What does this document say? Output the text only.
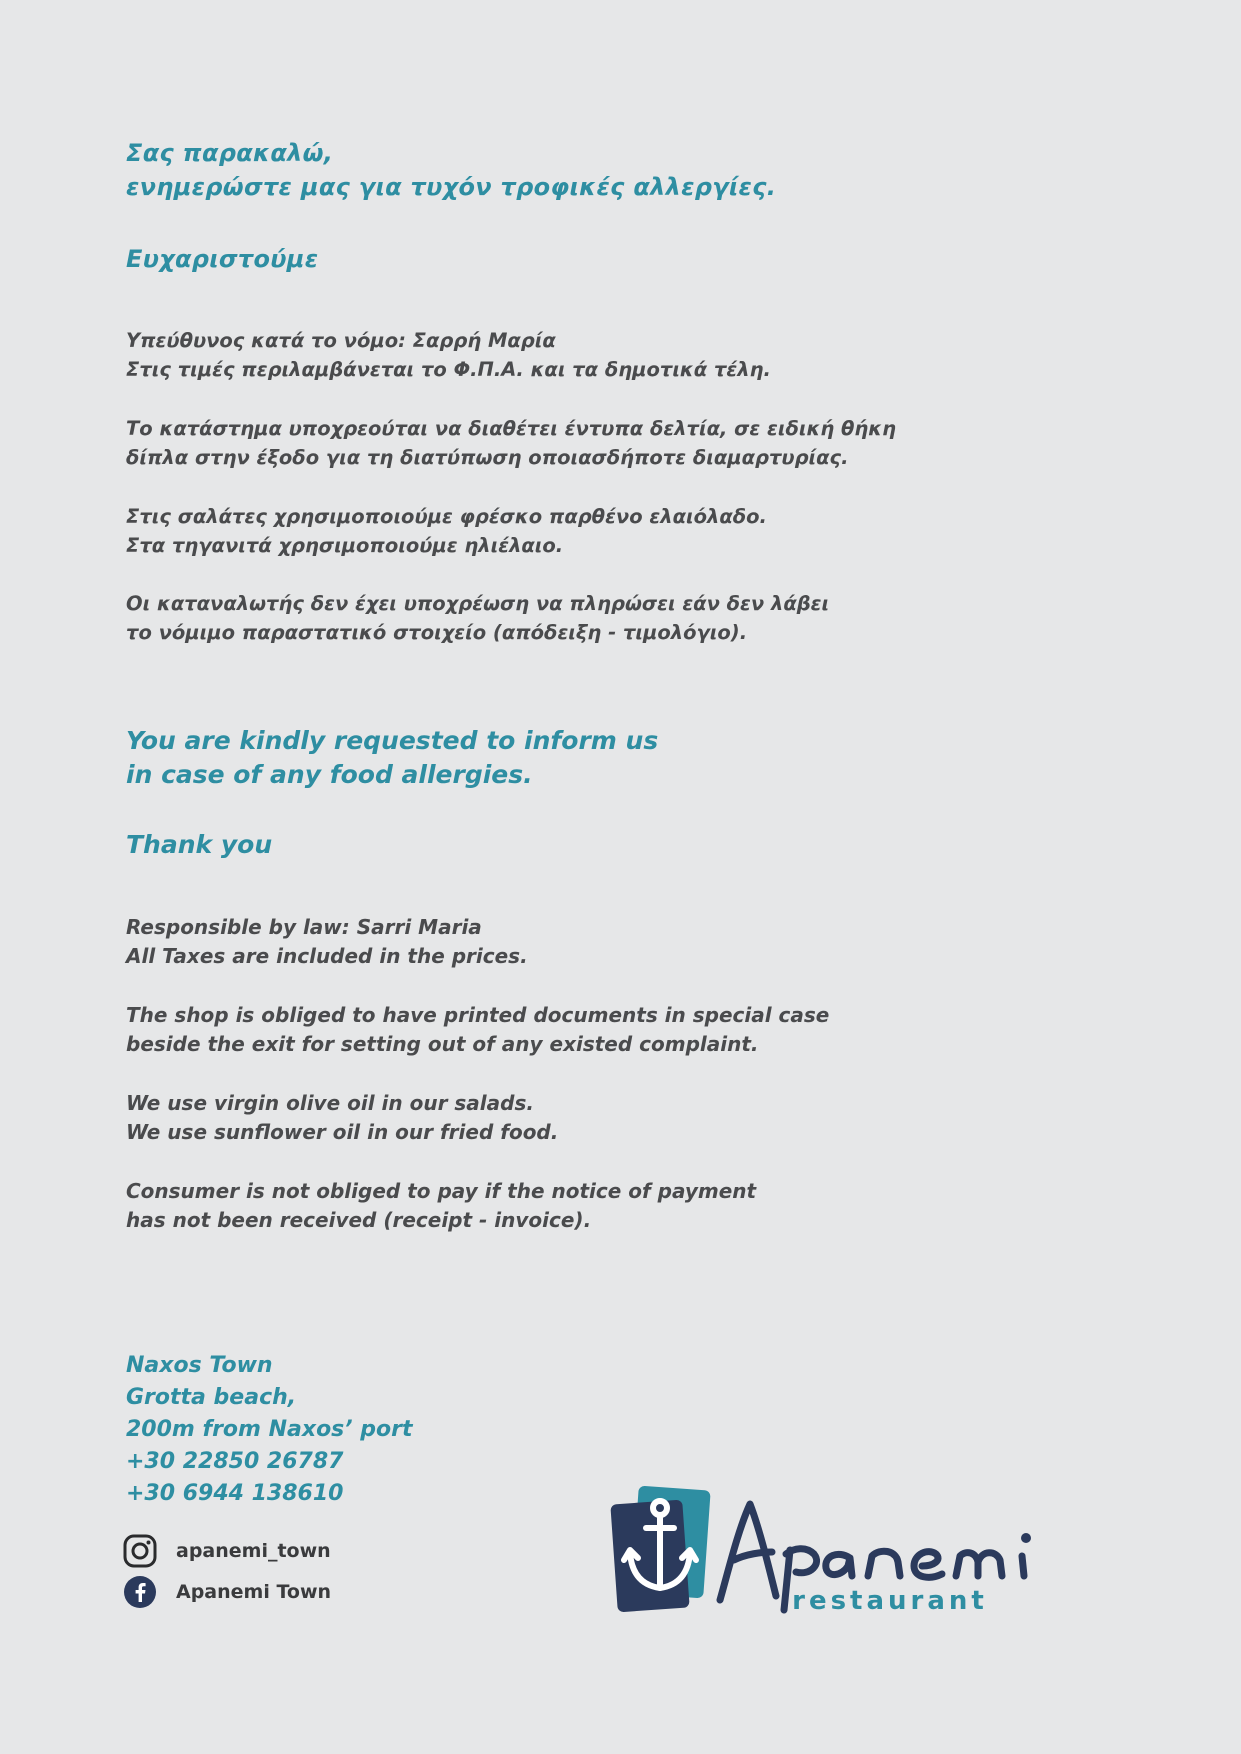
Σας παρακαλώ,
ενημερώστε μας για τυχόν τροφικές αλλεργίες.
Ευχαριστούμε
Υπεύθυνος κατά το νόμο: Σαρρή Μαρία
Στις τιμές περιλαμβάνεται το Φ.Π.Α. και τα δημοτικά τέλη.
Το κατάστημα υποχρεούται να διαθέτει έντυπα δελτία, σε ειδική θήκη
δίπλα στην έξοδο για τη διατύπωση οποιασδήποτε διαμαρτυρίας.
Στις σαλάτες χρησιμοποιούμε φρέσκο παρθένο ελαιόλαδο.
Στα τηγανιτά χρησιμοποιούμε ηλιέλαιο.
Οι καταναλωτής δεν έχει υποχρέωση να πληρώσει εάν δεν λάβει
το νόμιμο παραστατικό στοιχείο (απόδειξη - τιμολόγιο).
You are kindly requested to inform us
in case of any food allergies.
Thank you
Responsible by law: Sarri Maria
All Taxes are included in the prices.
The shop is obliged to have printed documents in special case
beside the exit for setting out of any existed complaint.
We use virgin olive oil in our salads.
We use sunflower oil in our fried food.
Consumer is not obliged to pay if the notice of payment
has not been received (receipt - invoice).
Naxos Town
Grotta beach,
200m from Naxos’ port
+30 22850 26787
+30 6944 138610
apanemi_town
Apanemi Town	restaurant
